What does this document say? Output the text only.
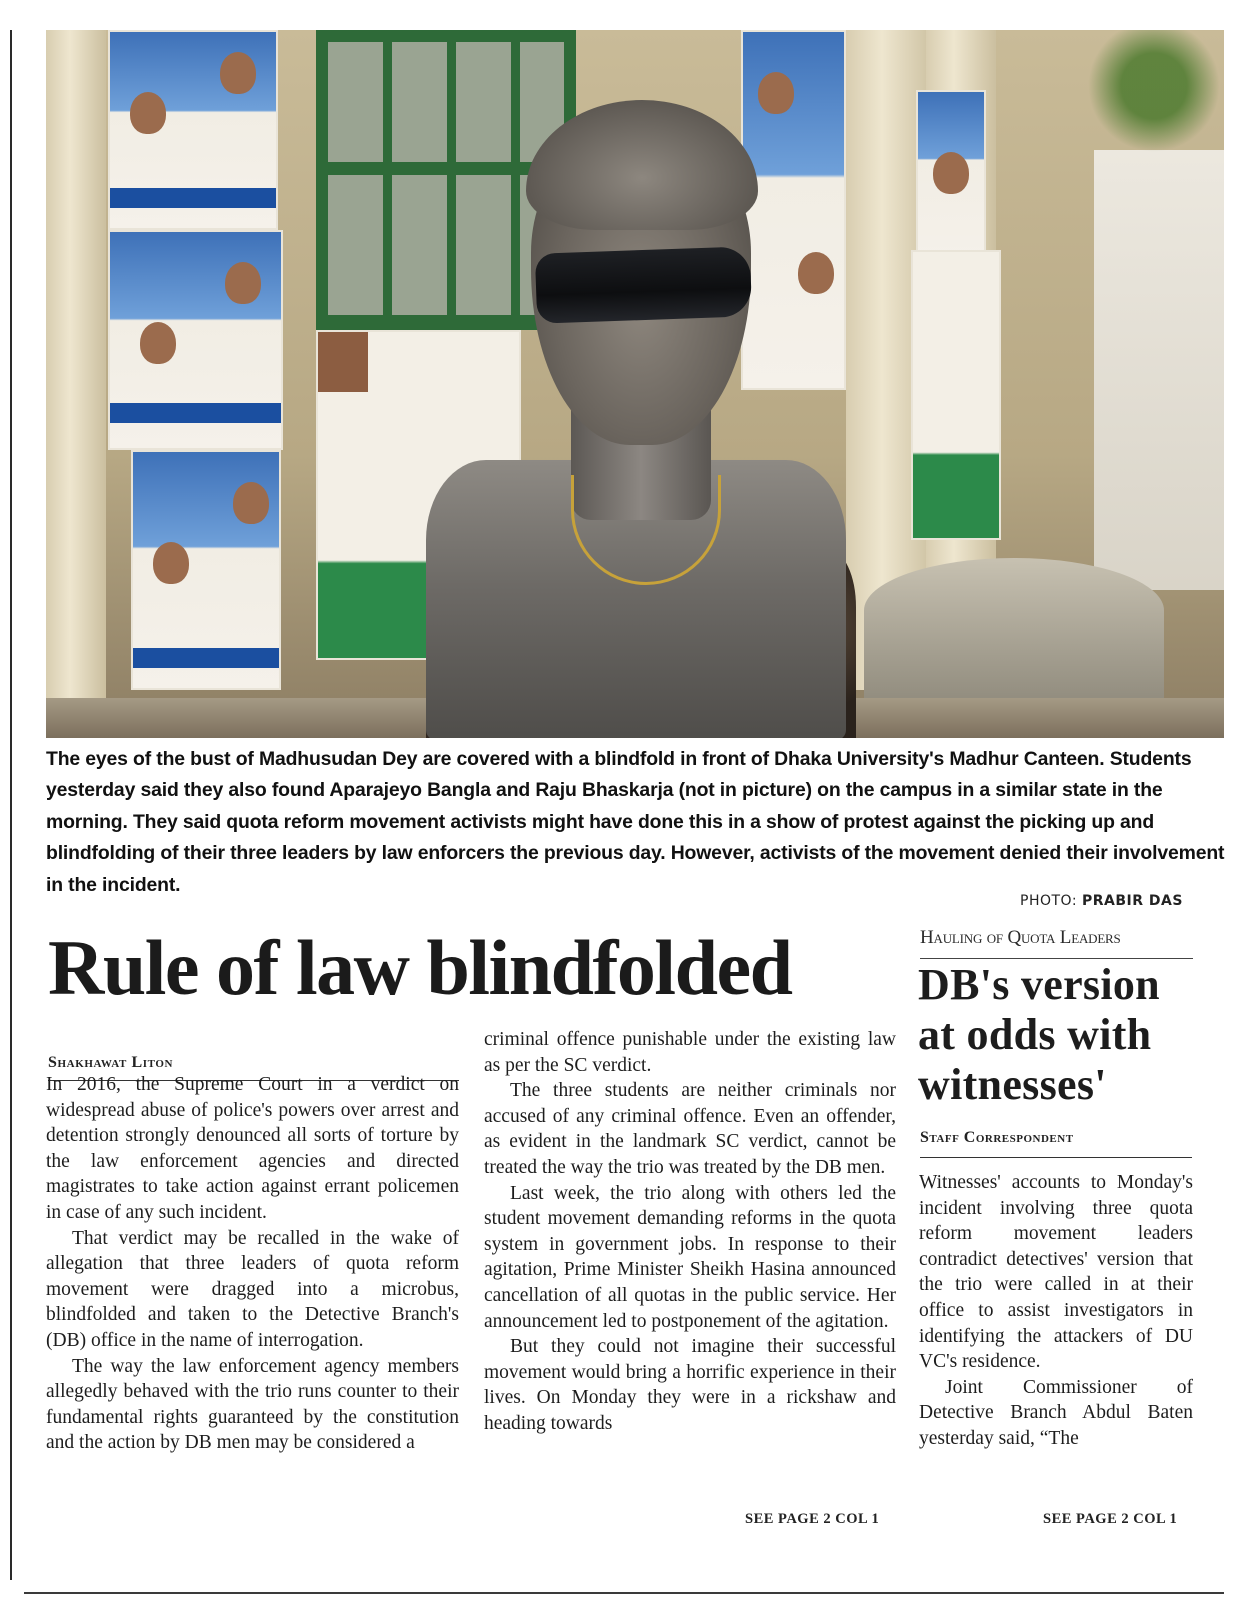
The eyes of the bust of Madhusudan Dey are covered with a blindfold in front of Dhaka University's Madhur Canteen. Students yesterday said they also found Aparajeyo Bangla and Raju Bhaskarja (not in picture) on the campus in a similar state in the morning. They said quota reform movement activists might have done this in a show of protest against the picking up and blindfolding of their three leaders by law enforcers the previous day. However, activists of the movement denied their involvement in the incident.
PHOTO: PRABIR DAS
Rule of law blindfolded
Shakhawat Liton

In 2016, the Supreme Court in a verdict on widespread abuse of police's powers over arrest and detention strongly denounced all sorts of torture by the law enforcement agencies and directed magistrates to take action against errant policemen in case of any such incident.

That verdict may be recalled in the wake of allegation that three leaders of quota reform movement were dragged into a microbus, blindfolded and taken to the Detective Branch's (DB) office in the name of interrogation.

The way the law enforcement agency members allegedly behaved with the trio runs counter to their fundamental rights guaranteed by the constitution and the action by DB men may be considered a

criminal offence punishable under the existing law as per the SC verdict.

The three students are neither criminals nor accused of any criminal offence. Even an offender, as evident in the landmark SC verdict, cannot be treated the way the trio was treated by the DB men.

Last week, the trio along with others led the student movement demanding reforms in the quota system in government jobs. In response to their agitation, Prime Minister Sheikh Hasina announced cancellation of all quotas in the public service. Her announcement led to postponement of the agitation.

But they could not imagine their successful movement would bring a horrific experience in their lives. On Monday they were in a rickshaw and heading towards

SEE PAGE 2 COL 1
Hauling of Quota Leaders
DB's version at odds with witnesses'
Staff Correspondent

Witnesses' accounts to Monday's incident involving three quota reform movement leaders contradict detectives' version that the trio were called in at their office to assist investigators in identifying the attackers of DU VC's residence.

Joint Commissioner of Detective Branch Abdul Baten yesterday said, “The

SEE PAGE 2 COL 1
